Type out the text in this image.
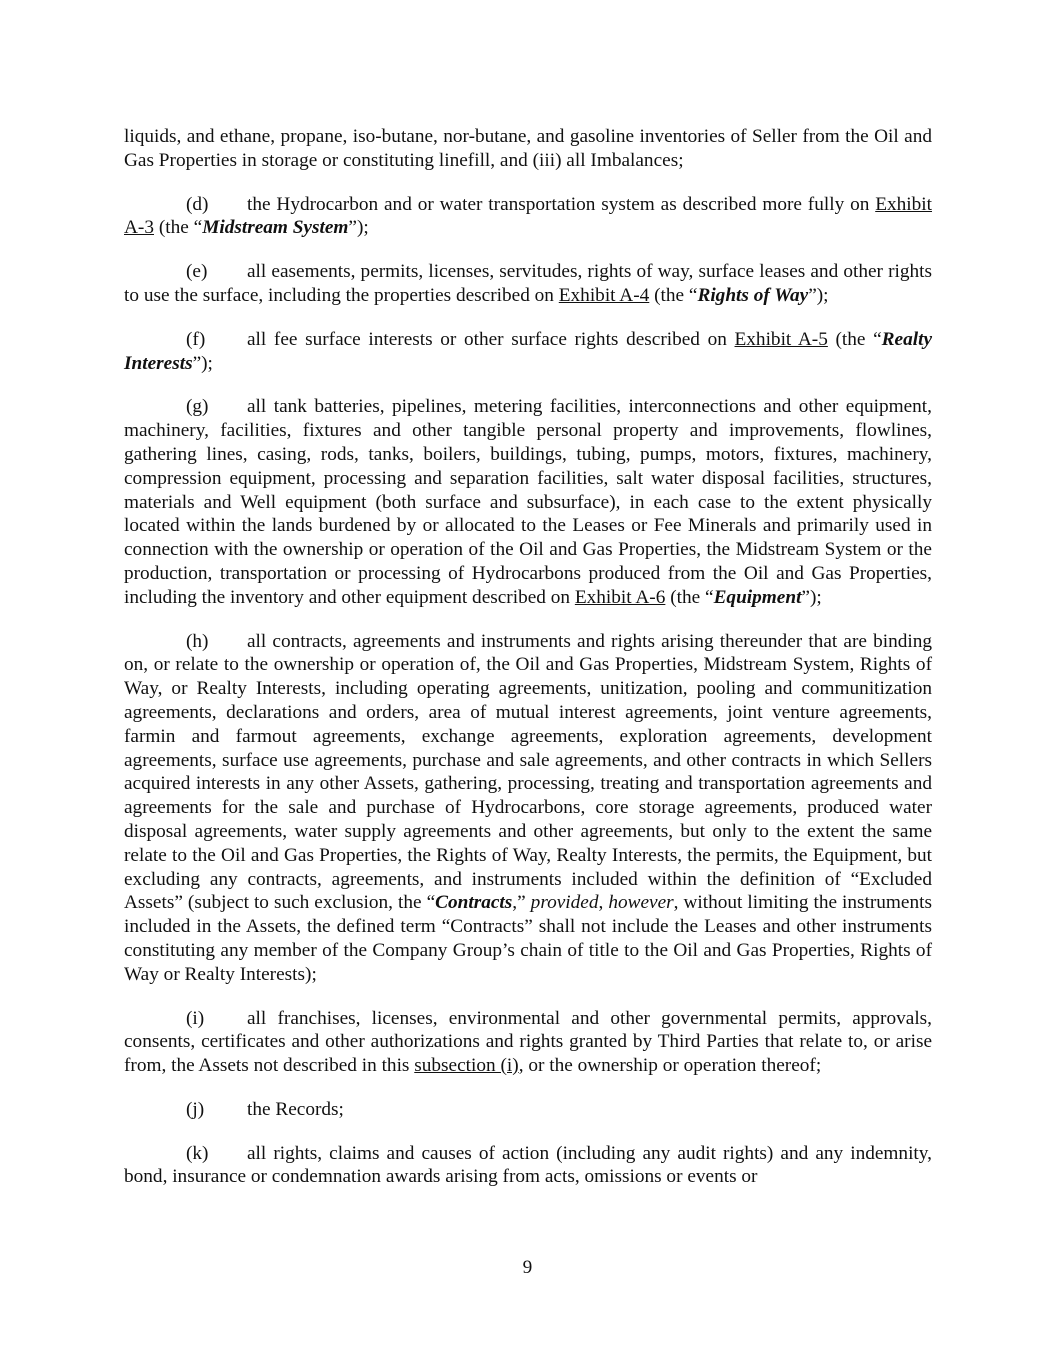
liquids, and ethane, propane, iso-butane, nor-butane, and gasoline inventories of Seller from the Oil and Gas Properties in storage or constituting linefill, and (iii) all Imbalances;

(d) the Hydrocarbon and or water transportation system as described more fully on Exhibit A-3 (the “Midstream System”);

(e) all easements, permits, licenses, servitudes, rights of way, surface leases and other rights to use the surface, including the properties described on Exhibit A-4 (the “Rights of Way”);

(f) all fee surface interests or other surface rights described on Exhibit A-5 (the “Realty Interests”);

(g) all tank batteries, pipelines, metering facilities, interconnections and other equipment, machinery, facilities, fixtures and other tangible personal property and improvements, flowlines, gathering lines, casing, rods, tanks, boilers, buildings, tubing, pumps, motors, fixtures, machinery, compression equipment, processing and separation facilities, salt water disposal facilities, structures, materials and Well equipment (both surface and subsurface), in each case to the extent physically located within the lands burdened by or allocated to the Leases or Fee Minerals and primarily used in connection with the ownership or operation of the Oil and Gas Properties, the Midstream System or the production, transportation or processing of Hydrocarbons produced from the Oil and Gas Properties, including the inventory and other equipment described on Exhibit A-6 (the “Equipment”);

(h) all contracts, agreements and instruments and rights arising thereunder that are binding on, or relate to the ownership or operation of, the Oil and Gas Properties, Midstream System, Rights of Way, or Realty Interests, including operating agreements, unitization, pooling and communitization agreements, declarations and orders, area of mutual interest agreements, joint venture agreements, farmin and farmout agreements, exchange agreements, exploration agreements, development agreements, surface use agreements, purchase and sale agreements, and other contracts in which Sellers acquired interests in any other Assets, gathering, processing, treating and transportation agreements and agreements for the sale and purchase of Hydrocarbons, core storage agreements, produced water disposal agreements, water supply agreements and other agreements, but only to the extent the same relate to the Oil and Gas Properties, the Rights of Way, Realty Interests, the permits, the Equipment, but excluding any contracts, agreements, and instruments included within the definition of “Excluded Assets” (subject to such exclusion, the “Contracts,” provided, however, without limiting the instruments included in the Assets, the defined term “Contracts” shall not include the Leases and other instruments constituting any member of the Company Group’s chain of title to the Oil and Gas Properties, Rights of Way or Realty Interests);

(i) all franchises, licenses, environmental and other governmental permits, approvals, consents, certificates and other authorizations and rights granted by Third Parties that relate to, or arise from, the Assets not described in this subsection (i), or the ownership or operation thereof;

(j) the Records;

(k) all rights, claims and causes of action (including any audit rights) and any indemnity, bond, insurance or condemnation awards arising from acts, omissions or events or

9
